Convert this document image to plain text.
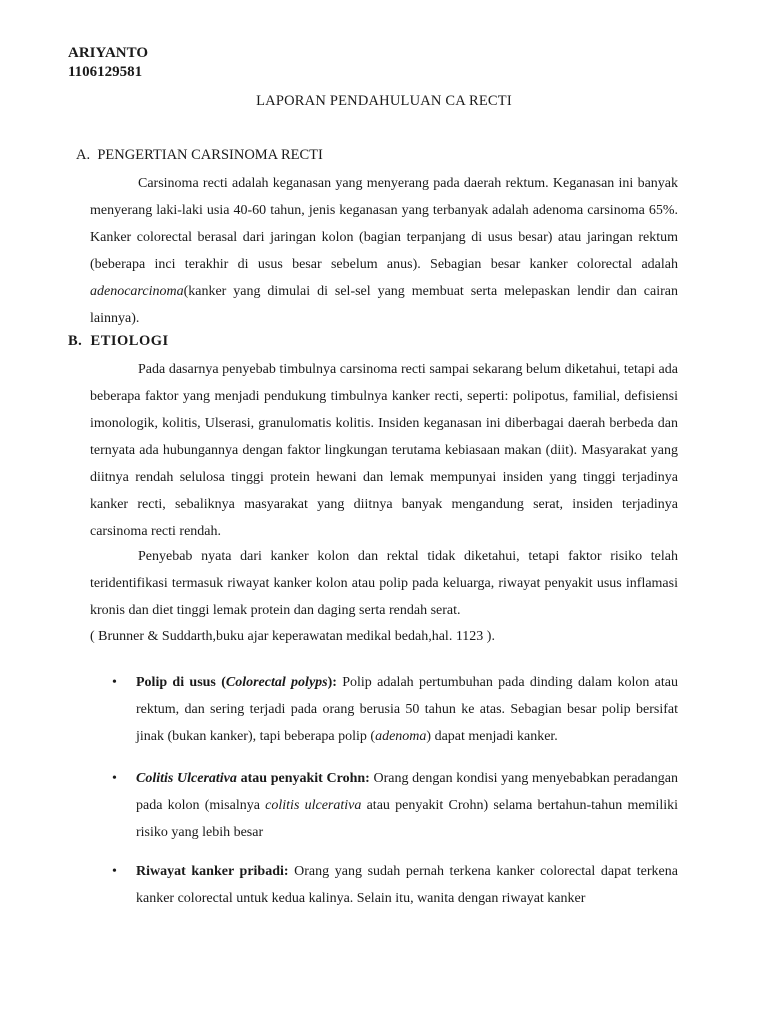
ARIYANTO
1106129581
LAPORAN PENDAHULUAN CA RECTI
A. PENGERTIAN CARSINOMA RECTI

Carsinoma recti adalah keganasan yang menyerang pada daerah rektum. Keganasan ini banyak menyerang laki-laki usia 40-60 tahun, jenis keganasan yang terbanyak adalah adenoma carsinoma 65%. Kanker colorectal berasal dari jaringan kolon (bagian terpanjang di usus besar) atau jaringan rektum (beberapa inci terakhir di usus besar sebelum anus). Sebagian besar kanker colorectal adalah adenocarcinoma(kanker yang dimulai di sel-sel yang membuat serta melepaskan lendir dan cairan lainnya).

B. ETIOLOGI

Pada dasarnya penyebab timbulnya carsinoma recti sampai sekarang belum diketahui, tetapi ada beberapa faktor yang menjadi pendukung timbulnya kanker recti, seperti: polipotus, familial, defisiensi imonologik, kolitis, Ulserasi, granulomatis kolitis. Insiden keganasan ini diberbagai daerah berbeda dan ternyata ada hubungannya dengan faktor lingkungan terutama kebiasaan makan (diit). Masyarakat yang diitnya rendah selulosa tinggi protein hewani dan lemak mempunyai insiden yang tinggi terjadinya kanker recti, sebaliknya masyarakat yang diitnya banyak mengandung serat, insiden terjadinya carsinoma recti rendah.

Penyebab nyata dari kanker kolon dan rektal tidak diketahui, tetapi faktor risiko telah teridentifikasi termasuk riwayat kanker kolon atau polip pada keluarga, riwayat penyakit usus inflamasi kronis dan diet tinggi lemak protein dan daging serta rendah serat.

( Brunner & Suddarth,buku ajar keperawatan medikal bedah,hal. 1123 ).
• Polip di usus (Colorectal polyps): Polip adalah pertumbuhan pada dinding dalam kolon atau rektum, dan sering terjadi pada orang berusia 50 tahun ke atas. Sebagian besar polip bersifat jinak (bukan kanker), tapi beberapa polip (adenoma) dapat menjadi kanker.

• Colitis Ulcerativa atau penyakit Crohn: Orang dengan kondisi yang menyebabkan peradangan pada kolon (misalnya colitis ulcerativa atau penyakit Crohn) selama bertahun-tahun memiliki risiko yang lebih besar

• Riwayat kanker pribadi: Orang yang sudah pernah terkena kanker colorectal dapat terkena kanker colorectal untuk kedua kalinya. Selain itu, wanita dengan riwayat kanker
